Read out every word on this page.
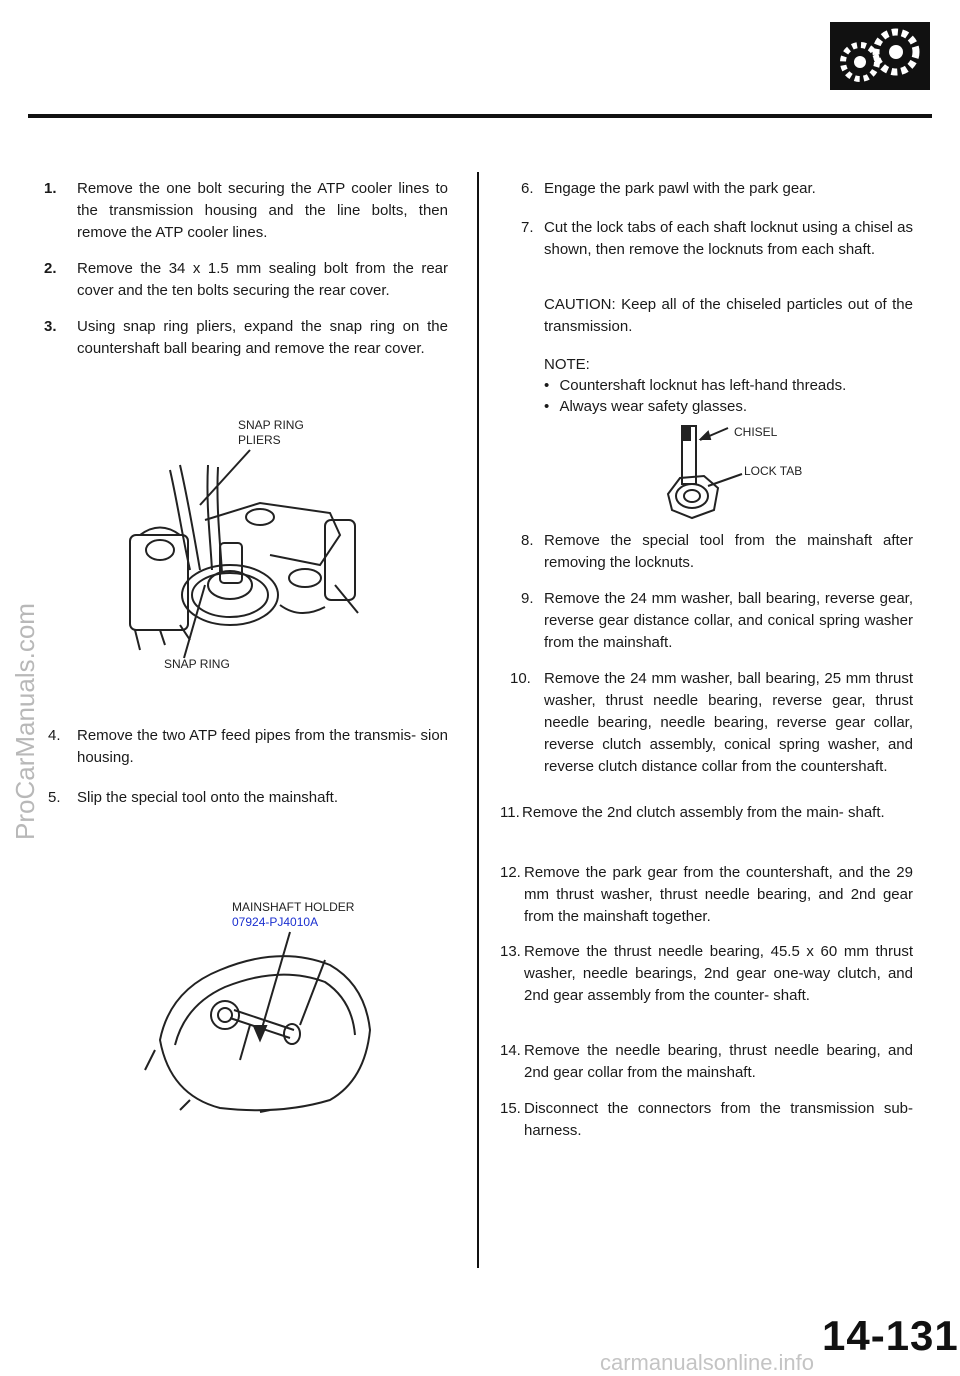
1. Remove the one bolt securing the ATP cooler lines to the transmission housing and the line bolts, then remove the ATP cooler lines.
2. Remove the 34 x 1.5 mm sealing bolt from the rear cover and the ten bolts securing the rear cover.
3. Using snap ring pliers, expand the snap ring on the countershaft ball bearing and remove the rear cover.
SNAP RING
PLIERS
SNAP RING
4. Remove the two ATP feed pipes from the transmis- sion housing.
5. Slip the special tool onto the mainshaft.
MAINSHAFT HOLDER
07924-PJ4010A
6. Engage the park pawl with the park gear.
7. Cut the lock tabs of each shaft locknut using a chisel as shown, then remove the locknuts from each shaft.
CAUTION: Keep all of the chiseled particles out of the transmission.
NOTE:
• Countershaft locknut has left-hand threads.
• Always wear safety glasses.
CHISEL
LOCK TAB
8. Remove the special tool from the mainshaft after removing the locknuts.
9. Remove the 24 mm washer, ball bearing, reverse gear, reverse gear distance collar, and conical spring washer from the mainshaft.
10. Remove the 24 mm washer, ball bearing, 25 mm thrust washer, thrust needle bearing, reverse gear, thrust needle bearing, needle bearing, reverse gear collar, reverse clutch assembly, conical spring washer, and reverse clutch distance collar from the countershaft.
11. Remove the 2nd clutch assembly from the main- shaft.
12. Remove the park gear from the countershaft, and the 29 mm thrust washer, thrust needle bearing, and 2nd gear from the mainshaft together.
13. Remove the thrust needle bearing, 45.5 x 60 mm thrust washer, needle bearings, 2nd gear one-way clutch, and 2nd gear assembly from the counter- shaft.
14. Remove the needle bearing, thrust needle bearing, and 2nd gear collar from the mainshaft.
15. Disconnect the connectors from the transmission sub-harness.
14-131
ProCarManuals.com
carmanualsonline.info
